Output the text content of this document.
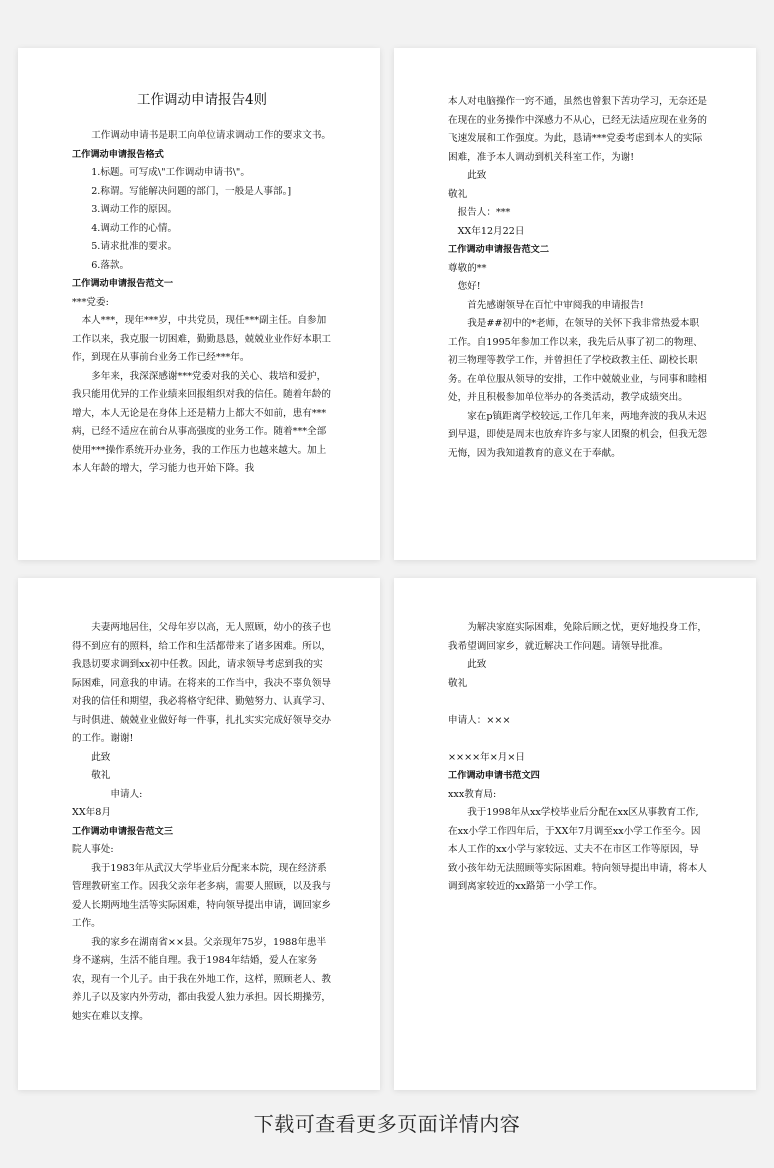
工作调动申请报告4则

工作调动申请书是职工向单位请求调动工作的要求文书。

工作调动申请报告格式

1.标题。可写成\"工作调动申请书\"。

2.称谓。写能解决问题的部门，一般是人事部。]

3.调动工作的原因。

4.调动工作的心情。

5.请求批准的要求。

6.落款。

工作调动申请报告范文一

***党委:

本人***，现年***岁，中共党员，现任***副主任。自参加工作以来，我克服一切困难，勤勤恳恳，兢兢业业作好本职工作，到现在从事前台业务工作已经***年。

多年来，我深深感谢***党委对我的关心、栽培和爱护，我只能用优异的工作业绩来回报组织对我的信任。随着年龄的增大，本人无论是在身体上还是精力上都大不如前，患有***病，已经不适应在前台从事高强度的业务工作。随着***全部使用***操作系统开办业务，我的工作压力也越来越大。加上本人年龄的增大，学习能力也开始下降。我

本人对电脑操作一窍不通，虽然也曾狠下苦功学习，无奈还是在现在的业务操作中深感力不从心，已经无法适应现在业务的飞速发展和工作强度。为此，恳请***党委考虑到本人的实际困难，准予本人调动到机关科室工作，为谢!

此致

敬礼

报告人：***

XX年12月22日

工作调动申请报告范文二

尊敬的**

您好!

首先感谢领导在百忙中审阅我的申请报告!

我是##初中的*老师，在领导的关怀下我非常热爱本职工作。自1995年参加工作以来，我先后从事了初二的物理、初三物理等教学工作，并曾担任了学校政教主任、副校长职务。在单位服从领导的安排，工作中兢兢业业，与同事和睦相处，并且积极参加单位举办的各类活动，教学成绩突出。

家在p镇距离学校较远,工作几年来，两地奔波的我从未迟到早退，即使是周末也放弃许多与家人团聚的机会，但我无怨无悔，因为我知道教育的意义在于奉献。

夫妻两地居住，父母年岁以高，无人照顾，幼小的孩子也得不到应有的照料，给工作和生活都带来了诸多困难。所以，我恳切要求调到xx初中任教。因此，请求领导考虑到我的实际困难，同意我的申请。在将来的工作当中，我决不辜负领导对我的信任和期望，我必将格守纪律、勤勉努力、认真学习、与时俱进、兢兢业业做好每一件事，扎扎实实完成好领导交办的工作。谢谢!

此致

敬礼

申请人:

XX年8月

工作调动申请报告范文三

院人事处:

我于1983年从武汉大学毕业后分配来本院，现在经济系管理教研室工作。因我父亲年老多病，需要人照顾，以及我与爱人长期两地生活等实际困难，特向领导提出申请，调回家乡工作。

我的家乡在湖南省××县。父亲现年75岁，1988年患半身不遂病，生活不能自理。我于1984年结婚，爱人在家务农，现有一个儿子。由于我在外地工作，这样，照顾老人、教养儿子以及家内外劳动，都由我爱人独力承担。因长期操劳，她实在难以支撑。

为解决家庭实际困难，免除后顾之忧，更好地投身工作，我希望调回家乡，就近解决工作问题。请领导批准。

此致

敬礼

申请人：×××

××××年×月×日

工作调动申请书范文四

xxx教育局:

我于1998年从xx学校毕业后分配在xx区从事教育工作,在xx小学工作四年后，于XX年7月调至xx小学工作至今。因本人工作的xx小学与家较远、丈夫不在市区工作等原因，导致小孩年幼无法照顾等实际困难。特向领导提出申请，将本人调到离家较近的xx路第一小学工作。

下载可查看更多页面详情内容
